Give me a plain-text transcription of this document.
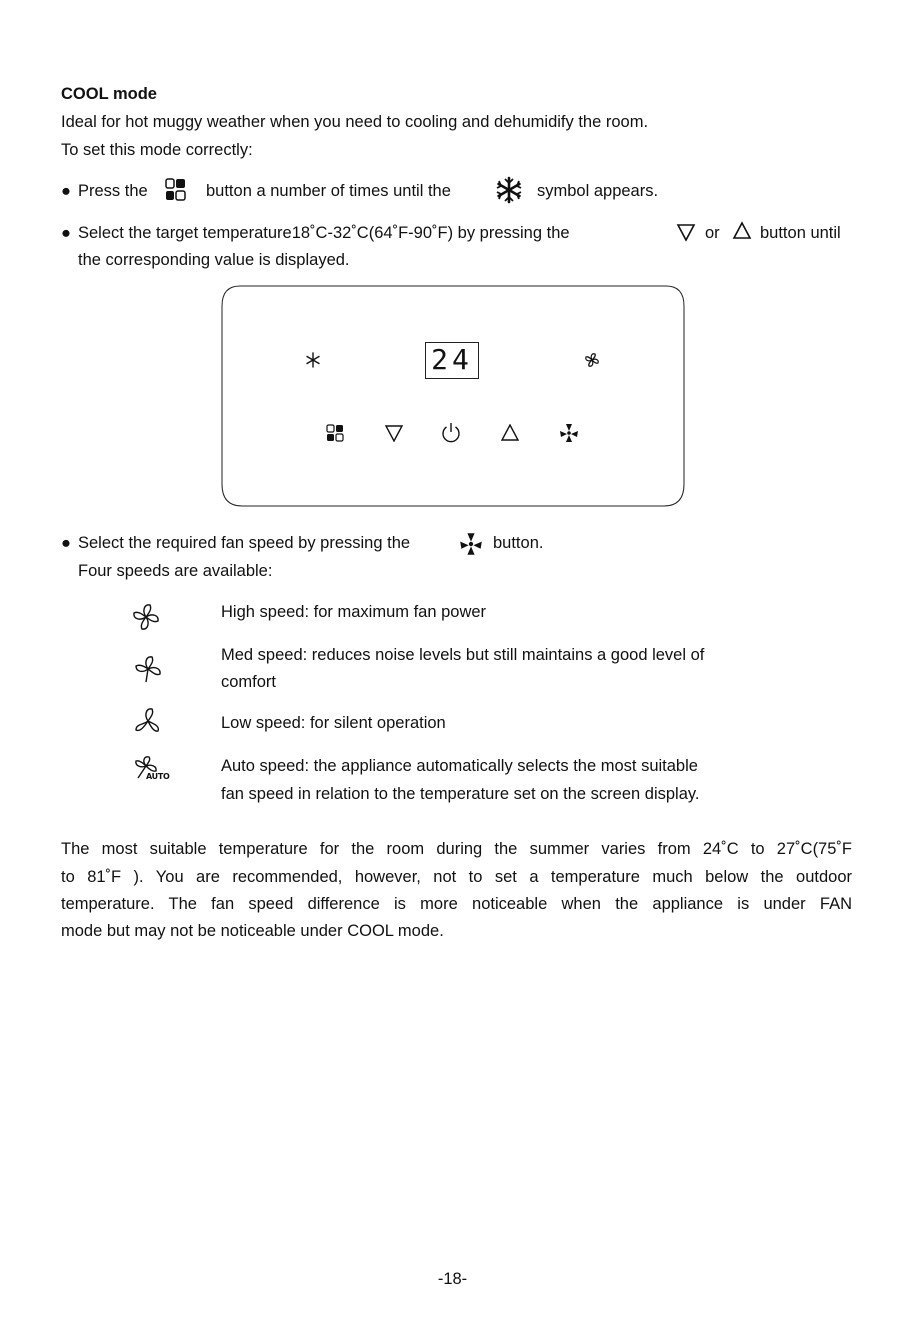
COOL mode
Ideal for hot muggy weather when you need to cooling and dehumidify the room.
To set this mode correctly:
● Press the	button a number of times until the	symbol appears.
● Select the target temperature18˚C-32˚C(64˚F-90˚F) by pressing the	or button until
the corresponding value is displayed.
24
● Select the required fan speed by pressing the	button.
Four speeds are available:
High speed: for maximum fan power
Med speed: reduces noise levels but still maintains a good level of
comfort
Low speed: for silent operation
AUTO
Auto speed: the appliance automatically selects the most suitable
fan speed in relation to the temperature set on the screen display.
The most suitable temperature for the room during the summer varies from 24˚C to 27˚C(75˚F
to 81˚F ). You are recommended, however, not to set a temperature much below the outdoor
temperature. The fan speed difference is more noticeable when the appliance is under FAN
mode but may not be noticeable under COOL mode.
-18-
